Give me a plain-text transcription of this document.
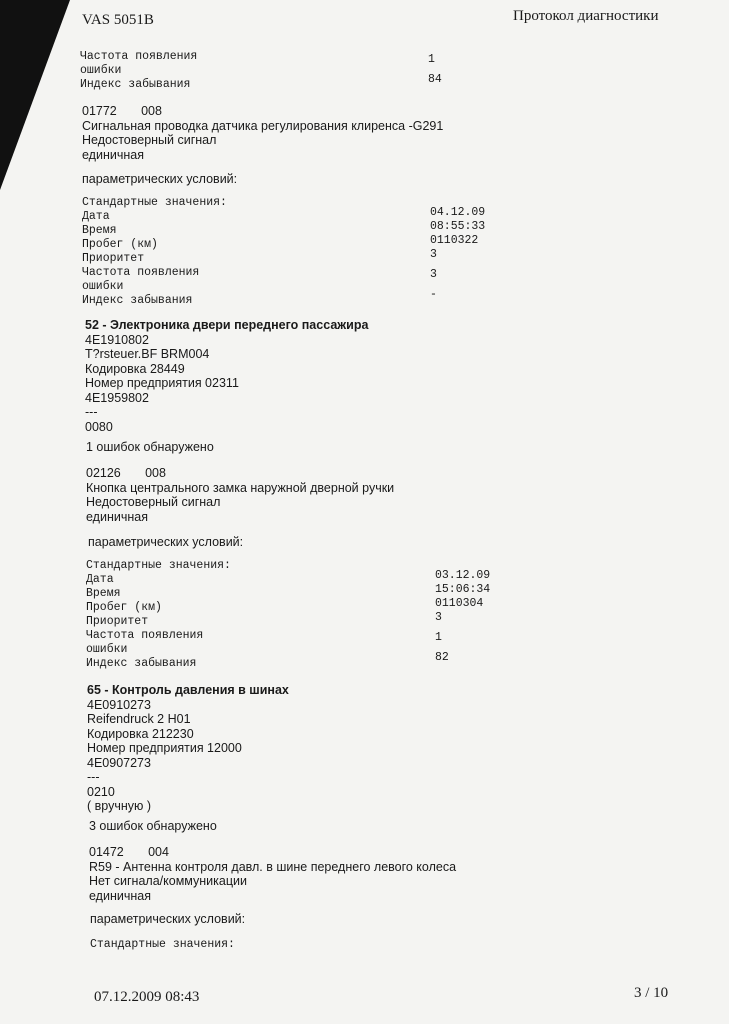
VAS 5051B	Протокол диагностики
Частота появления
ошибки
Индекс забывания
1
84
01772 008
Сигнальная проводка датчика регулирования клиренса -G291
Недостоверный сигнал
единичная
параметрических условий:
Стандартные значения:
Дата
Время
Пробег (км)
Приоритет
Частота появления
ошибки
Индекс забывания
04.12.09
08:55:33
0110322
3
3
-
52 - Электроника двери переднего пассажира
4E1910802
T?rsteuer.BF BRM004
Кодировка 28449
Номер предприятия 02311
4E1959802
---
0080
1 ошибок обнаружено
02126 008
Кнопка центрального замка наружной дверной ручки
Недостоверный сигнал
единичная
параметрических условий:
Стандартные значения:
Дата
Время
Пробег (км)
Приоритет
Частота появления
ошибки
Индекс забывания
03.12.09
15:06:34
0110304
3
1
82
65 - Контроль давления в шинах
4E0910273
Reifendruck 2 H01
Кодировка 212230
Номер предприятия 12000
4E0907273
---
0210
( вручную )
3 ошибок обнаружено
01472 004
R59 - Антенна контроля давл. в шине переднего левого колеса
Нет сигнала/коммуникации
единичная
параметрических условий:
Стандартные значения:
07.12.2009 08:43	3 / 10
